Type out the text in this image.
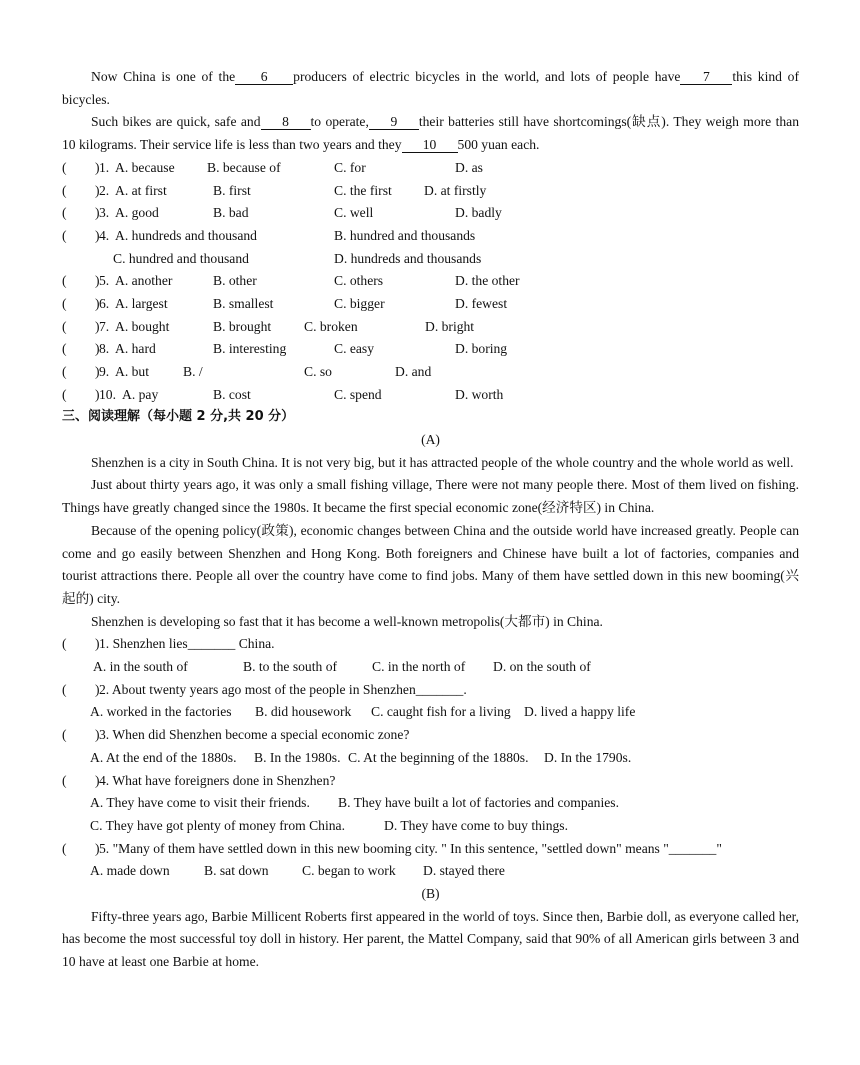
Now China is one of the 6 producers of electric bicycles in the world, and lots of people have 7 this kind of bicycles.

Such bikes are quick, safe and 8 to operate, 9 their batteries still have shortcomings(缺点). They weigh more than 10 kilograms. Their service life is less than two years and they 10 500 yuan each.

( ) 1. A. because B. because of	C. for	D. as
( ) 2. A. at first	B. first	C. the first D. at firstly
( ) 3. A. good	B. bad	C. well	D. badly
( ) 4. A. hundreds and thousand	B. hundred and thousands
C. hundred and thousand	D. hundreds and thousands
( ) 5. A. another	B. other	C. others	D. the other
( ) 6. A. largest	B. smallest	C. bigger	D. fewest
( ) 7. A. bought	B. brought C. broken	D. bright
( ) 8. A. hard	B. interesting	C. easy	D. boring
( ) 9. A. but	B. /	C. so	D. and
( ) 10. A. pay	B. cost	C. spend	D. worth
三、阅读理解（每小题 2 分,共 20 分）
(A)

Shenzhen is a city in South China. It is not very big, but it has attracted people of the whole country and the whole world as well.

Just about thirty years ago, it was only a small fishing village, There were not many people there. Most of them lived on fishing. Things have greatly changed since the 1980s. It became the first special economic zone(经济特区) in China.

Because of the opening policy(政策), economic changes between China and the outside world have increased greatly. People can come and go easily between Shenzhen and Hong Kong. Both foreigners and Chinese have built a lot of factories, companies and tourist attractions there. People all over the country have come to find jobs. Many of them have settled down in this new booming(兴起的) city.

Shenzhen is developing so fast that it has become a well-known metropolis(大都市) in China.

( ) 1. Shenzhen lies_______ China.
A. in the south of	B. to the south of	C. in the north of D. on the south of
( ) 2. About twenty years ago most of the people in Shenzhen_______.
A. worked in the factories B. did housework C. caught fish for a living D. lived a happy life
( ) 3. When did Shenzhen become a special economic zone?
A. At the end of the 1880s. B. In the 1980s. C. At the beginning of the 1880s. D. In the 1790s.
( ) 4. What have foreigners done in Shenzhen?
A. They have come to visit their friends. B. They have built a lot of factories and companies.
C. They have got plenty of money from China.	D. They have come to buy things.
( ) 5. "Many of them have settled down in this new booming city. " In this sentence, "settled down" means "_______"
A. made down	B. sat down C. began to work D. stayed there
(B)

Fifty-three years ago, Barbie Millicent Roberts first appeared in the world of toys. Since then, Barbie doll, as everyone called her, has become the most successful toy doll in history. Her parent, the Mattel Company, said that 90% of all American girls between 3 and 10 have at least one Barbie at home.
